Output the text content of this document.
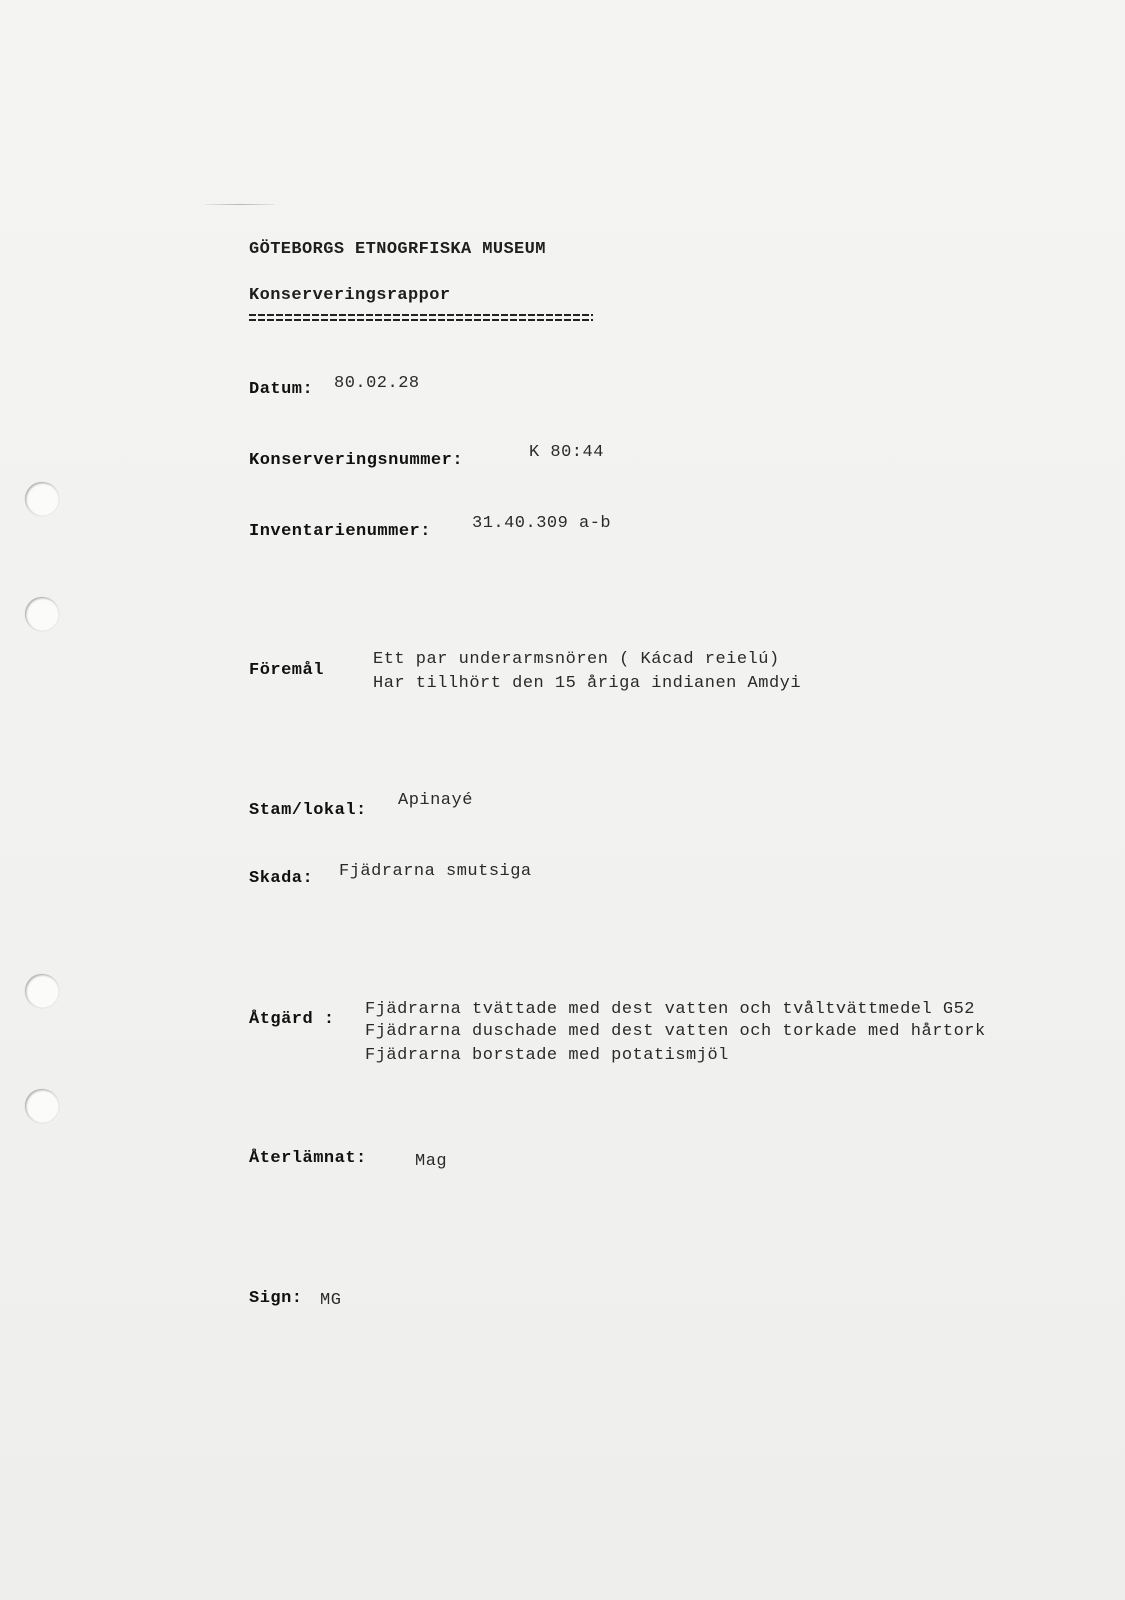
GÖTEBORGS ETNOGRFISKA MUSEUM
Konserveringsrappor
Datum: 80.02.28
Konserveringsnummer:	K 80:44
Inventarienummer: 31.40.309 a-b
Föremål
Ett par underarmsnören ( Kácad reielú)
Har tillhört den 15 åriga indianen Amdyi
Stam/lokal:
Apinayé
Skada: Fjädrarna smutsiga
Åtgärd :
Fjädrarna tvättade med dest vatten och tvåltvättmedel G52
Fjädrarna duschade med dest vatten och torkade med hårtork
Fjädrarna borstade med potatismjöl
Återlämnat:	Mag
Sign: MG
